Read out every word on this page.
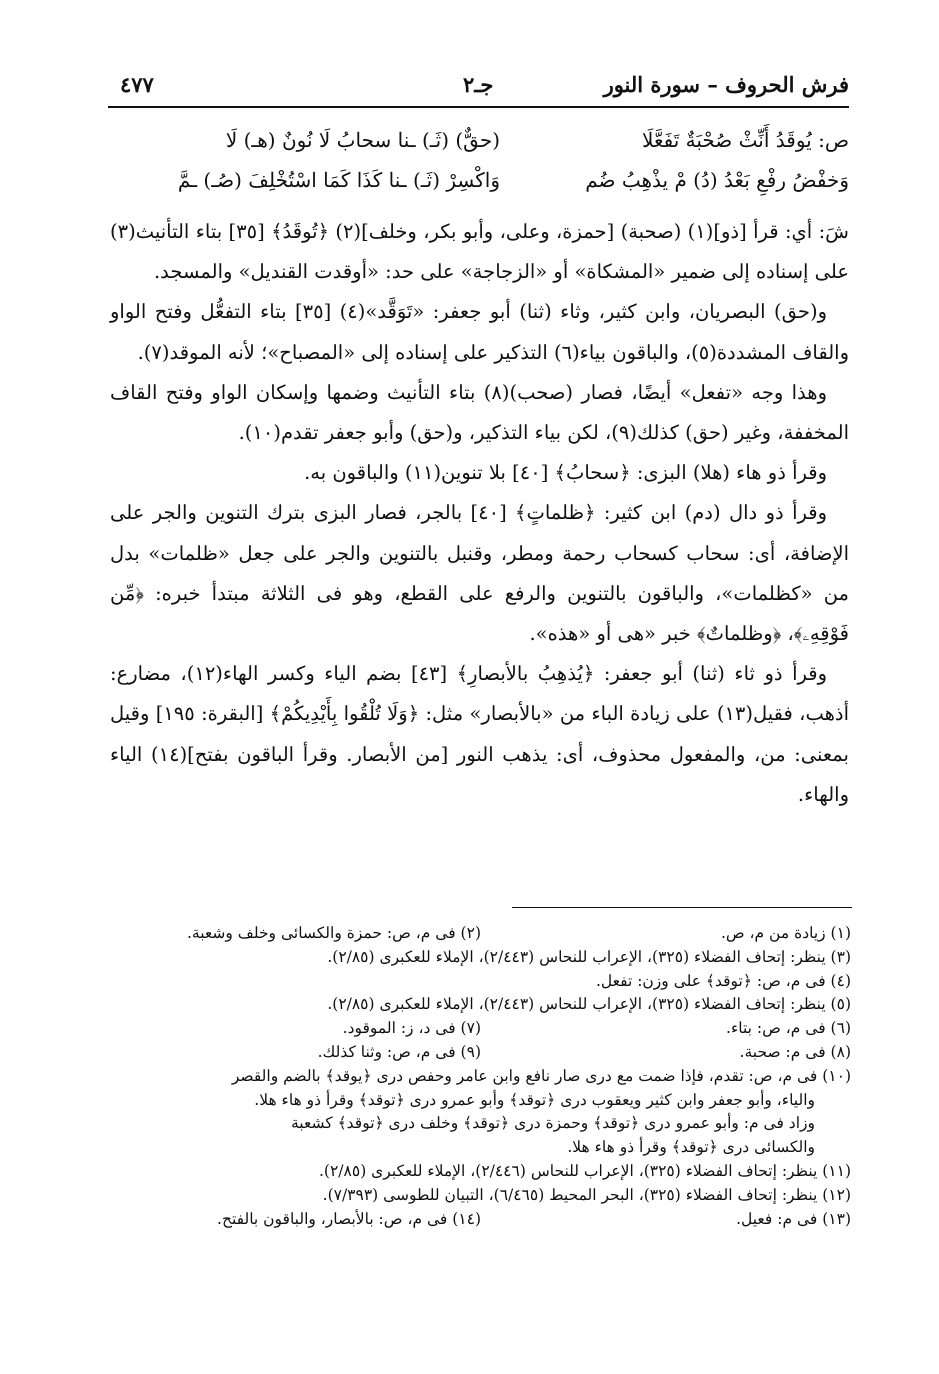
فرش الحروف – سورة النور
جـ٢
٤٧٧
ص: يُوقَدُ أَنِّثْ صُحْبَةٌ تَفَعَّلَا
(حقٌّ) (ثَـ) ـنا سحابُ لَا نُونٌ (هـ) لَا
وَخفْضُ رفْعِ بَعْدُ (دُ) مْ يذْهِبُ ضُم
وَاكْسِرْ (ثَـ) ـنا كَذَا كَمَا اسْتُخْلِفَ (صُـ) ـمَّ

شَ: أي: قرأ [ذو](١) (صحبة) [حمزة، وعلى، وأبو بكر، وخلف](٢) ﴿تُوقَدُ﴾ [٣٥] بتاء التأنيث(٣) على إسناده إلى ضمير «المشكاة» أو «الزجاجة» على حد: «أوقدت القنديل» والمسجد.

و(حق) البصريان، وابن كثير، وثاء (ثنا) أبو جعفر: «تَوَقَّد»(٤) [٣٥] بتاء التفعُّل وفتح الواو والقاف المشددة(٥)، والباقون بياء(٦) التذكير على إسناده إلى «المصباح»؛ لأنه الموقد(٧).

وهذا وجه «تفعل» أيضًا، فصار (صحب)(٨) بتاء التأنيث وضمها وإسكان الواو وفتح القاف المخففة، وغير (حق) كذلك(٩)، لكن بياء التذكير، و(حق) وأبو جعفر تقدم(١٠).

وقرأ ذو هاء (هلا) البزى: ﴿سحابُ﴾ [٤٠] بلا تنوين(١١) والباقون به.

وقرأ ذو دال (دم) ابن كثير: ﴿ظلماتٍ﴾ [٤٠] بالجر، فصار البزى بترك التنوين والجر على الإضافة، أى: سحاب كسحاب رحمة ومطر، وقنبل بالتنوين والجر على جعل «ظلمات» بدل من «كظلمات»، والباقون بالتنوين والرفع على القطع، وهو فى الثلاثة مبتدأ خبره: ﴿مِّن فَوْقِهِۦ﴾، ﴿وظلماتٌ﴾ خبر «هى أو «هذه».

وقرأ ذو ثاء (ثنا) أبو جعفر: ﴿يُذهِبُ بالأبصارِ﴾ [٤٣] بضم الياء وكسر الهاء(١٢)، مضارع: أذهب، فقيل(١٣) على زيادة الباء من «بالأبصار» مثل: ﴿وَلَا تُلْقُوا بِأَيْدِيكُمْ﴾ [البقرة: ١٩٥] وقيل بمعنى: من، والمفعول محذوف، أى: يذهب النور [من الأبصار. وقرأ الباقون بفتح](١٤) الياء والهاء.

(١) زيادة من م، ص.
(٢) فى م، ص: حمزة والكسائى وخلف وشعبة.
(٣) ينظر: إتحاف الفضلاء (٣٢٥)، الإعراب للنحاس (٢/٤٤٣)، الإملاء للعكبرى (٢/٨٥).
(٤) فى م، ص: ﴿توقد﴾ على وزن: تفعل.
(٥) ينظر: إتحاف الفضلاء (٣٢٥)، الإعراب للنحاس (٢/٤٤٣)، الإملاء للعكبرى (٢/٨٥).
(٦) فى م، ص: بتاء.
(٧) فى د، ز: الموقود.
(٨) فى م: صحبة.
(٩) فى م، ص: وثنا كذلك.
(١٠) فى م، ص: تقدم، فإذا ضمت مع درى صار نافع وابن عامر وحفص درى ﴿يوقد﴾ بالضم والقصر
والياء، وأبو جعفر وابن كثير ويعقوب درى ﴿توقد﴾ وأبو عمرو درى ﴿توقد﴾ وقرأ ذو هاء هلا.
وزاد فى م: وأبو عمرو درى ﴿توقد﴾ وحمزة درى ﴿توقد﴾ وخلف درى ﴿توقد﴾ كشعبة
والكسائى درى ﴿توقد﴾ وقرأ ذو هاء هلا.
(١١) ينظر: إتحاف الفضلاء (٣٢٥)، الإعراب للنحاس (٢/٤٤٦)، الإملاء للعكبرى (٢/٨٥).
(١٢) ينظر: إتحاف الفضلاء (٣٢٥)، البحر المحيط (٦/٤٦٥)، التبيان للطوسى (٧/٣٩٣).
(١٣) فى م: فعيل.
(١٤) فى م، ص: بالأبصار، والباقون بالفتح.
